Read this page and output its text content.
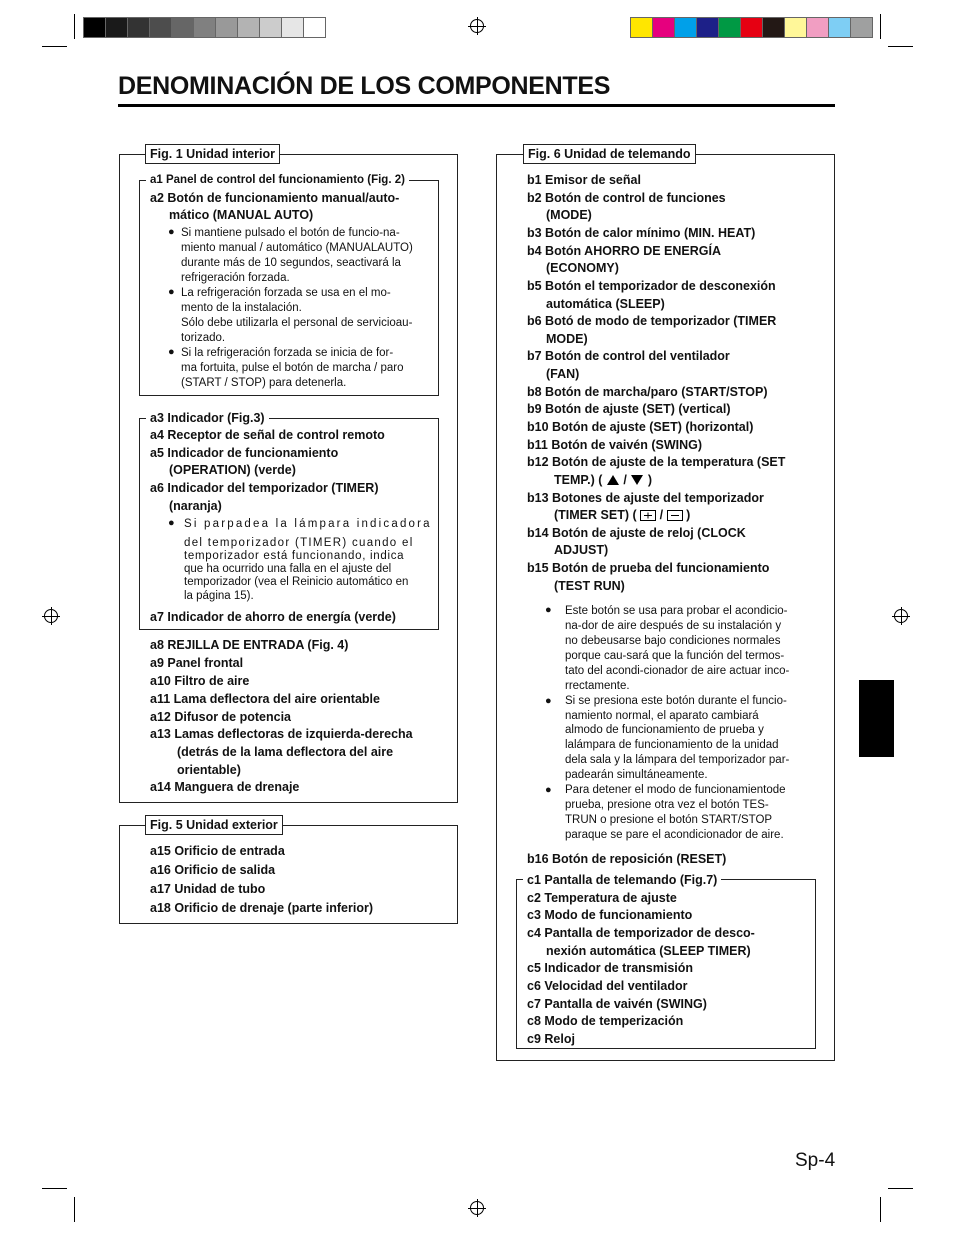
DENOMINACIÓN DE LOS COMPONENTES
Fig. 1 Unidad interior
a1 Panel de control del funcionamiento (Fig. 2)
a2 Botón de funcionamiento manual/auto-
mático (MANUAL AUTO)
● Si mantiene pulsado el botón de funcio-na-
miento manual / automático (MANUALAUTO)
durante más de 10 segundos, seactivará la
refrigeración forzada.
● La refrigeración forzada se usa en el mo-
mento de la instalación.
Sólo debe utilizarla el personal de servicioau-
torizado.
● Si la refrigeración forzada se inicia de for-
ma fortuita, pulse el botón de marcha / paro
(START / STOP) para detenerla.
a3 Indicador (Fig.3)
a4 Receptor de señal de control remoto
a5 Indicador de funcionamiento
(OPERATION) (verde)
a6 Indicador del temporizador (TIMER)
(naranja)
● Si parpadea la lámpara indicadora
del temporizador (TIMER) cuando el
temporizador está funcionando, indica
que ha ocurrido una falla en el ajuste del
temporizador (vea el Reinicio automático en
la página 15).
a7 Indicador de ahorro de energía (verde)
a8 REJILLA DE ENTRADA (Fig. 4)
a9 Panel frontal
a10 Filtro de aire
a11 Lama deflectora del aire orientable
a12 Difusor de potencia
a13 Lamas deflectoras de izquierda-derecha
(detrás de la lama deflectora del aire
orientable)
a14 Manguera de drenaje
Fig. 5 Unidad exterior
a15 Orificio de entrada
a16 Orificio de salida
a17 Unidad de tubo
a18 Orificio de drenaje (parte inferior)
Fig. 6 Unidad de telemando
b1 Emisor de señal
b2 Botón de control de funciones
(MODE)
b3 Botón de calor mínimo (MIN. HEAT)
b4 Botón AHORRO DE ENERGÍA
(ECONOMY)
b5 Botón el temporizador de desconexión
automática (SLEEP)
b6 Botó de modo de temporizador (TIMER
MODE)
b7 Botón de control del ventilador
(FAN)
b8 Botón de marcha/paro (START/STOP)
b9 Botón de ajuste (SET) (vertical)
b10 Botón de ajuste (SET) (horizontal)
b11 Botón de vaivén (SWING)
b12 Botón de ajuste de la temperatura (SET
TEMP.) ( / )
b13 Botones de ajuste del temporizador
(TIMER SET) ( / )
b14 Botón de ajuste de reloj (CLOCK
ADJUST)
b15 Botón de prueba del funcionamiento
(TEST RUN)
● Este botón se usa para probar el acondicio-
na-dor de aire después de su instalación y
no debeusarse bajo condiciones normales
porque cau-sará que la función del termos-
tato del acondi-cionador de aire actuar inco-
rrectamente.
● Si se presiona este botón durante el funcio-
namiento normal, el aparato cambiará
almodo de funcionamiento de prueba y
lalámpara de funcionamiento de la unidad
dela sala y la lámpara del temporizador par-
padearán simultáneamente.
● Para detener el modo de funcionamientode
prueba, presione otra vez el botón TES-
TRUN o presione el botón START/STOP
paraque se pare el acondicionador de aire.
b16 Botón de reposición (RESET)
c1 Pantalla de telemando (Fig.7)
c2 Temperatura de ajuste
c3 Modo de funcionamiento
c4 Pantalla de temporizador de desco-
nexión automática (SLEEP TIMER)
c5 Indicador de transmisión
c6 Velocidad del ventilador
c7 Pantalla de vaivén (SWING)
c8 Modo de temperización
c9 Reloj
Sp-4
